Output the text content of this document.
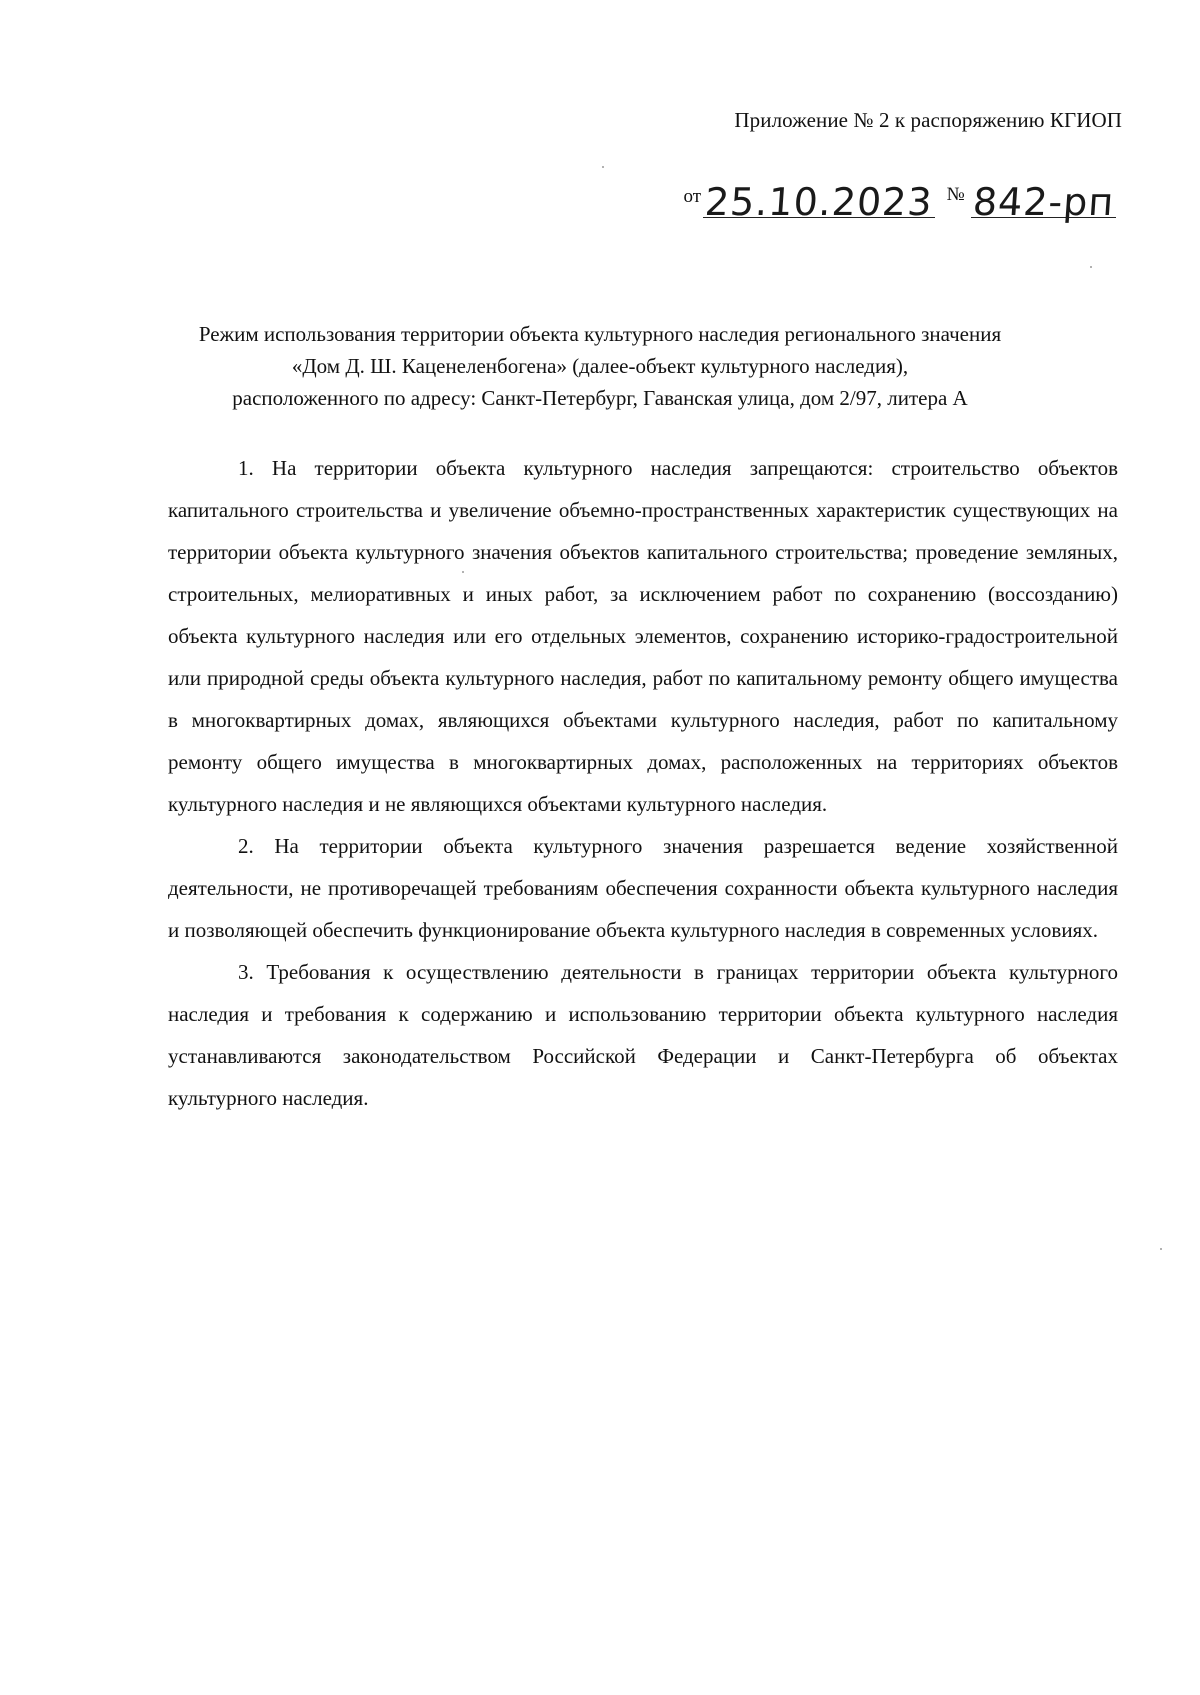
Приложение № 2 к распоряжению КГИОП
от 25.10.2023 № 842-рп
Режим использования территории объекта культурного наследия регионального значения
«Дом Д. Ш. Каценеленбогена» (далее-объект культурного наследия),
расположенного по адресу: Санкт-Петербург, Гаванская улица, дом 2/97, литера А

1. На территории объекта культурного наследия запрещаются: строительство объектов капитального строительства и увеличение объемно-пространственных характеристик существующих на территории объекта культурного значения объектов капитального строительства; проведение земляных, строительных, мелиоративных и иных работ, за исключением работ по сохранению (воссозданию) объекта культурного наследия или его отдельных элементов, сохранению историко-градостроительной или природной среды объекта культурного наследия, работ по капитальному ремонту общего имущества в многоквартирных домах, являющихся объектами культурного наследия, работ по капитальному ремонту общего имущества в многоквартирных домах, расположенных на территориях объектов культурного наследия и не являющихся объектами культурного наследия.

2. На территории объекта культурного значения разрешается ведение хозяйственной деятельности, не противоречащей требованиям обеспечения сохранности объекта культурного наследия и позволяющей обеспечить функционирование объекта культурного наследия в современных условиях.

3. Требования к осуществлению деятельности в границах территории объекта культурного наследия и требования к содержанию и использованию территории объекта культурного наследия устанавливаются законодательством Российской Федерации и Санкт-Петербурга об объектах культурного наследия.
